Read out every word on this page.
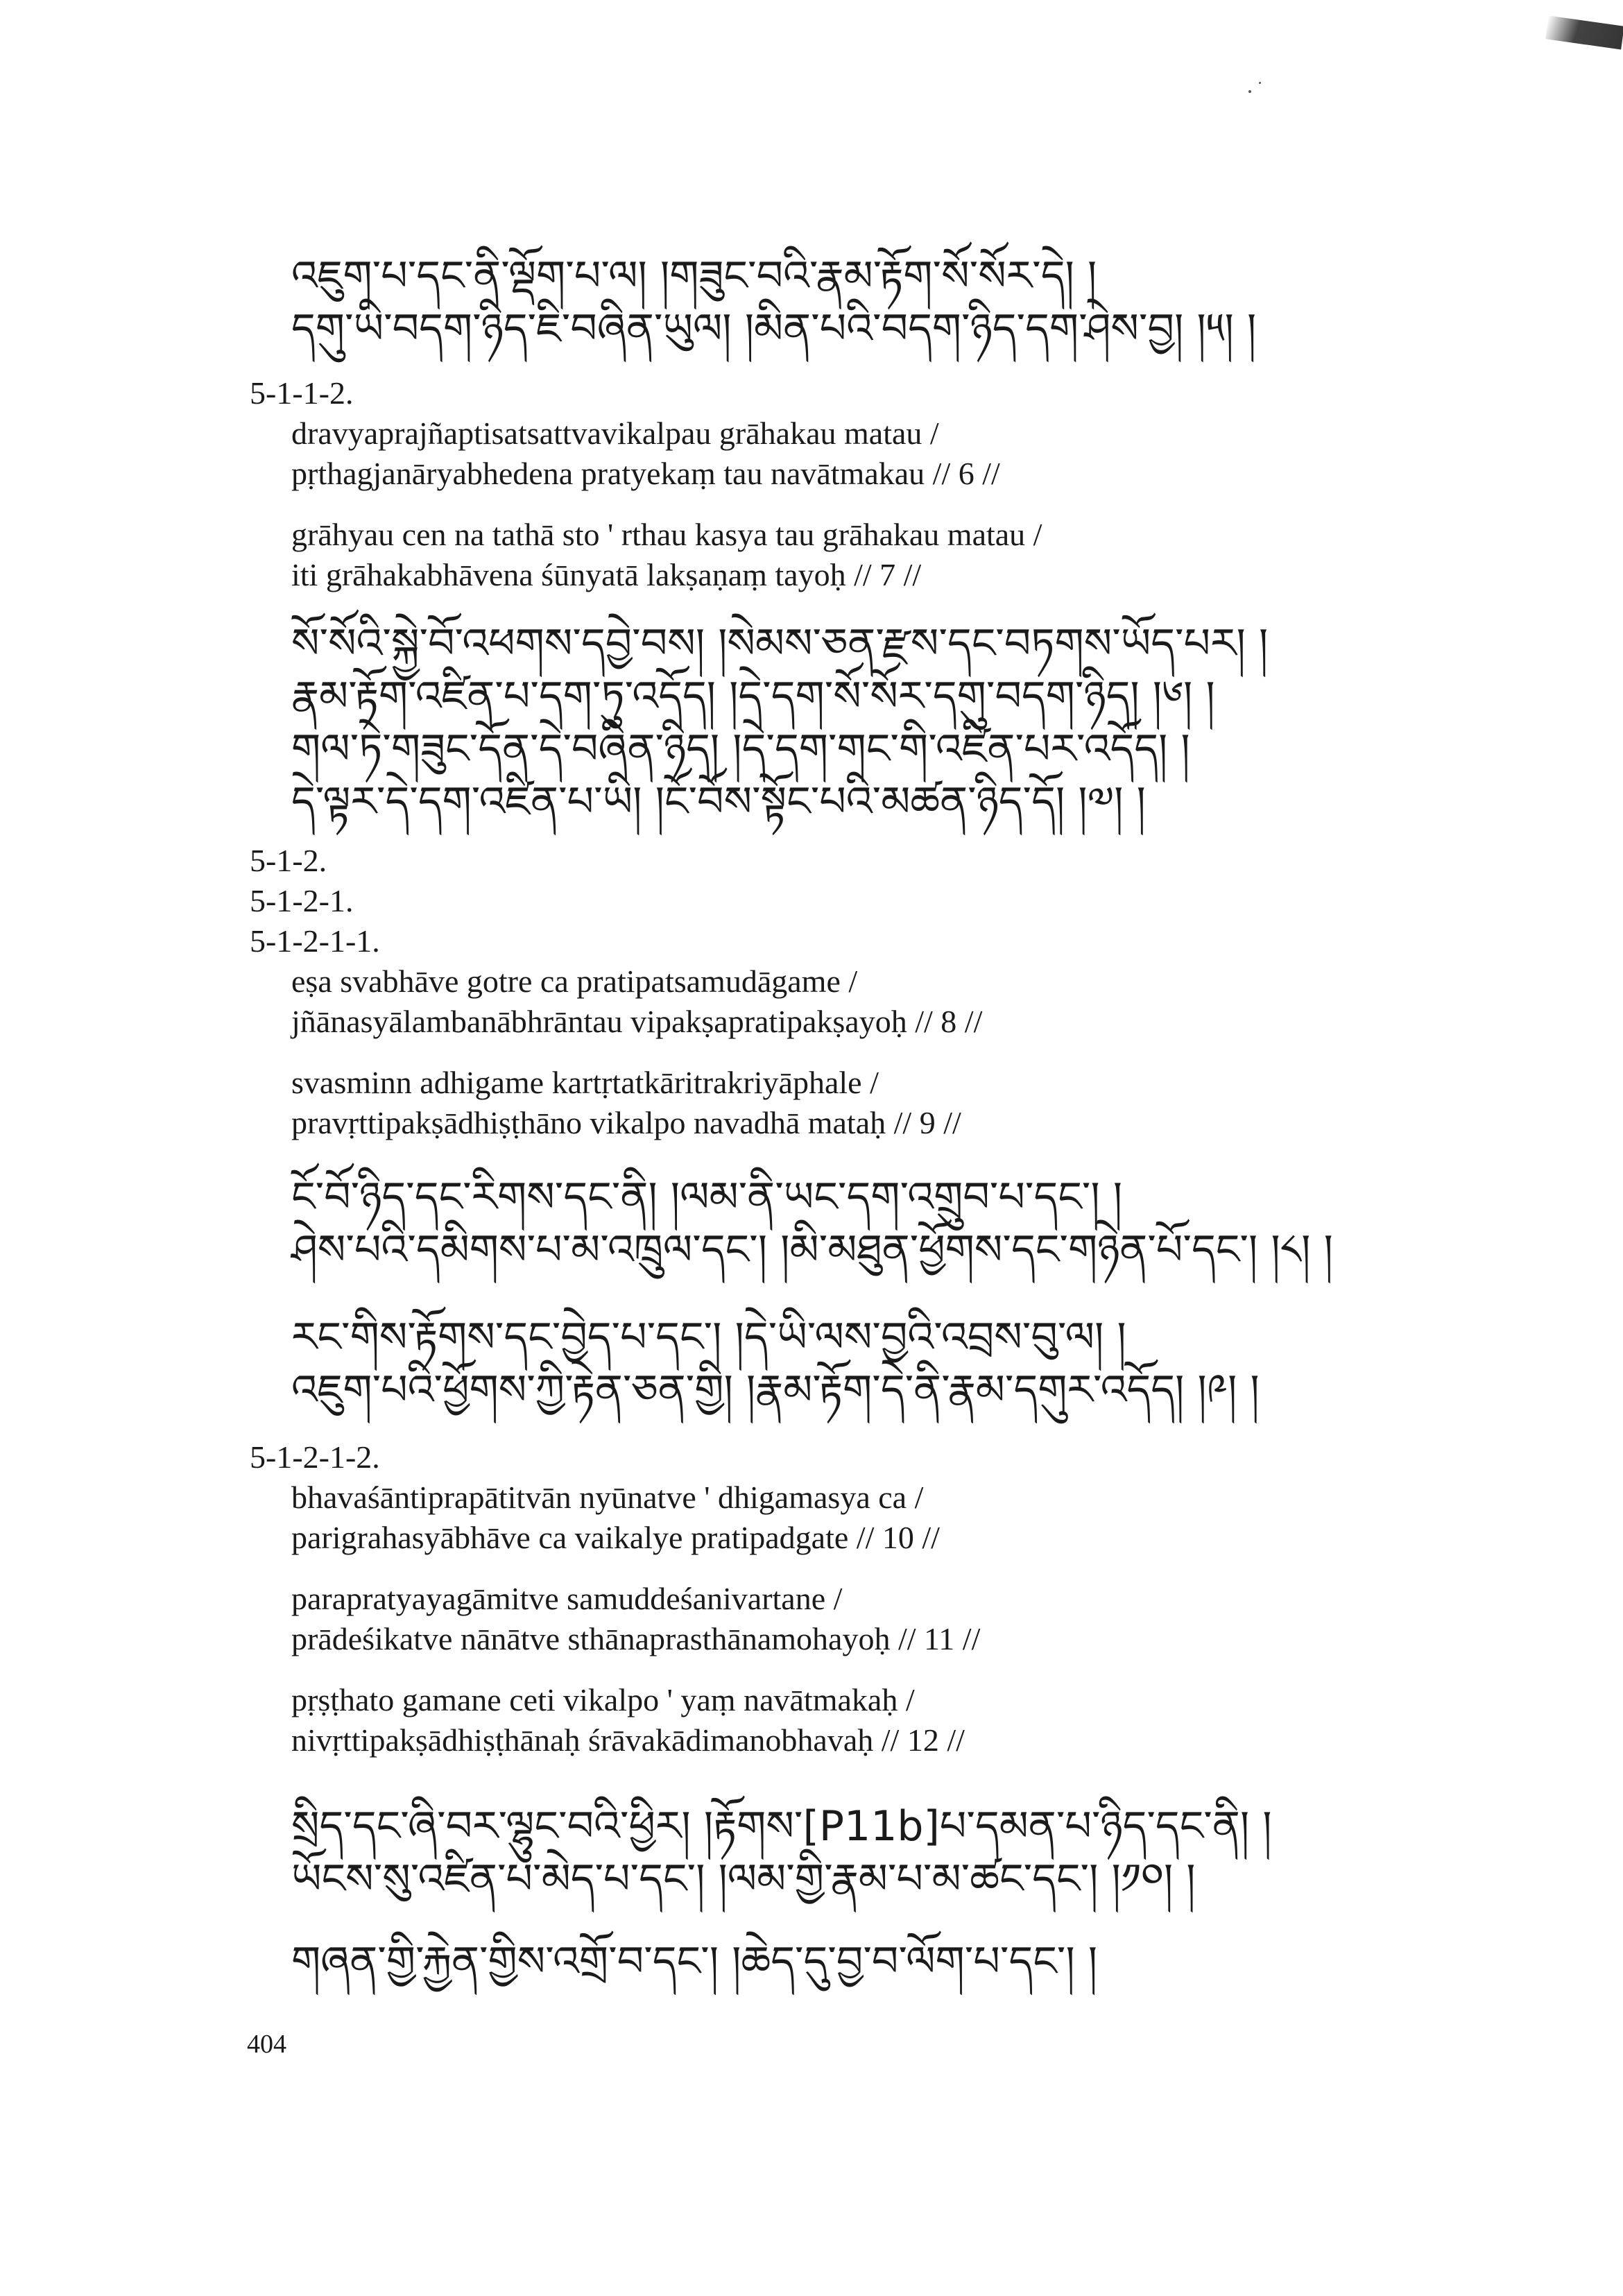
འཇུག་པ་དང་ནི་ལྡོག་པ་ལ། །གཟུང་བའི་རྣམ་རྟོག་སོ་སོར་དེ། །
དགུ་ཡི་བདག་ཉིད་ཇི་བཞིན་ཡུལ། །མིན་པའི་བདག་ཉིད་དག་ཤེས་བྱ། །༥། །
5-1-1-2.
dravyaprajñaptisatsattvavikalpau grāhakau matau /
pṛthagjanāryabhedena pratyekaṃ tau navātmakau // 6 //
grāhyau cen na tathā sto ' rthau kasya tau grāhakau matau /
iti grāhakabhāvena śūnyatā lakṣaṇaṃ tayoḥ // 7 //
སོ་སོའི་སྐྱེ་བོ་འཕགས་དབྱེ་བས། །སེམས་ཅན་རྫས་དང་བཏགས་ཡོད་པར། །
རྣམ་རྟོག་འཛིན་པ་དག་ཏུ་འདོད། །དེ་དག་སོ་སོར་དགུ་བདག་ཉིད། །༦། །
གལ་ཏེ་གཟུང་དོན་དེ་བཞིན་ཉིད། །དེ་དག་གང་གི་འཛིན་པར་འདོད། །
དེ་ལྟར་དེ་དག་འཛིན་པ་ཡི། །ངོ་བོས་སྟོང་པའི་མཚན་ཉིད་དོ། །༧། །
5-1-2.
5-1-2-1.
5-1-2-1-1.
eṣa svabhāve gotre ca pratipatsamudāgame /
jñānasyālambanābhrāntau vipakṣapratipakṣayoḥ // 8 //
svasminn adhigame kartṛtatkāritrakriyāphale /
pravṛttipakṣādhiṣṭhāno vikalpo navadhā mataḥ // 9 //
ངོ་བོ་ཉིད་དང་རིགས་དང་ནི། །ལམ་ནི་ཡང་དག་འགྲུབ་པ་དང་། །
ཤེས་པའི་དམིགས་པ་མ་འཁྲུལ་དང་། །མི་མཐུན་ཕྱོགས་དང་གཉེན་པོ་དང་། །༨། །
རང་གིས་རྟོགས་དང་བྱེད་པ་དང་། །དེ་ཡི་ལས་བྱའི་འབྲས་བུ་ལ། །
འཇུག་པའི་ཕྱོགས་ཀྱི་རྟེན་ཅན་གྱི། །རྣམ་རྟོག་དེ་ནི་རྣམ་དགུར་འདོད། །༩། །
5-1-2-1-2.
bhavaśāntiprapātitvān nyūnatve ' dhigamasya ca /
parigrahasyābhāve ca vaikalye pratipadgate // 10 //
parapratyayagāmitve samuddeśanivartane /
prādeśikatve nānātve sthānaprasthānamohayoḥ // 11 //
pṛṣṭhato gamane ceti vikalpo ' yaṃ navātmakaḥ /
nivṛttipakṣādhiṣṭhānaḥ śrāvakādimanobhavaḥ // 12 //
སྲིད་དང་ཞི་བར་ལྷུང་བའི་ཕྱིར། །རྟོགས་[P11b]པ་དམན་པ་ཉིད་དང་ནི། །
ཡོངས་སུ་འཛིན་པ་མེད་པ་དང་། །ལམ་གྱི་རྣམ་པ་མ་ཚང་དང་། །༡༠། །
གཞན་གྱི་རྐྱེན་གྱིས་འགྲོ་བ་དང་། །ཆེད་དུ་བྱ་བ་ལོག་པ་དང་། །
404
